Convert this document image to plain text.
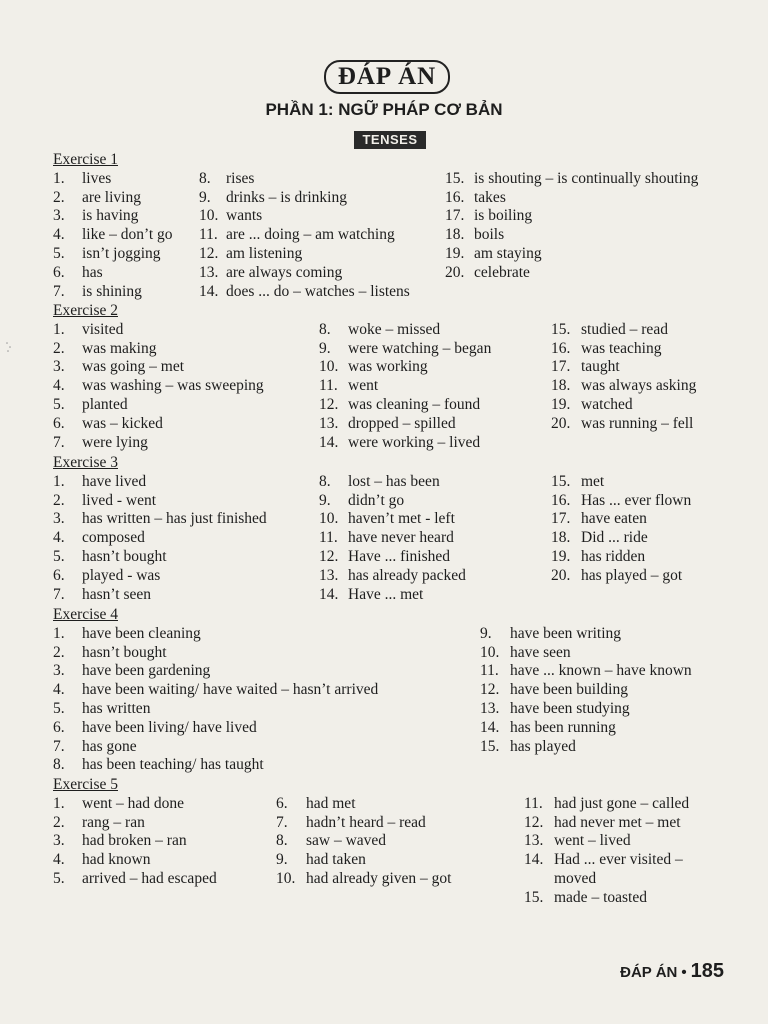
ĐÁP ÁN
PHẦN 1: NGỮ PHÁP CƠ BẢN
TENSES
Exercise 1
1. lives
2. are living
3. is having
4. like – don’t go
5. isn’t jogging
6. has
7. is shining
8. rises
9. drinks – is drinking
10. wants
11. are ... doing – am watching
12. am listening
13. are always coming
14. does ... do – watches – listens
15. is shouting – is continually shouting
16. takes
17. is boiling
18. boils
19. am staying
20. celebrate
Exercise 2
1. visited
2. was making
3. was going – met
4. was washing – was sweeping
5. planted
6. was – kicked
7. were lying
8. woke – missed
9. were watching – began
10. was working
11. went
12. was cleaning – found
13. dropped – spilled
14. were working – lived
15. studied – read
16. was teaching
17. taught
18. was always asking
19. watched
20. was running – fell
Exercise 3
1. have lived
2. lived - went
3. has written – has just finished
4. composed
5. hasn’t bought
6. played - was
7. hasn’t seen
8. lost – has been
9. didn’t go
10. haven’t met - left
11. have never heard
12. Have ... finished
13. has already packed
14. Have ... met
15. met
16. Has ... ever flown
17. have eaten
18. Did ... ride
19. has ridden
20. has played – got
Exercise 4
1. have been cleaning
2. hasn’t bought
3. have been gardening
4. have been waiting/ have waited – hasn’t arrived
5. has written
6. have been living/ have lived
7. has gone
8. has been teaching/ has taught
9. have been writing
10. have seen
11. have ... known – have known
12. have been building
13. have been studying
14. has been running
15. has played
Exercise 5
1. went – had done
2. rang – ran
3. had broken – ran
4. had known
5. arrived – had escaped
6. had met
7. hadn’t heard – read
8. saw – waved
9. had taken
10. had already given – got
11. had just gone – called
12. had never met – met
13. went – lived
14. Had ... ever visited –
moved
15. made – toasted
ĐÁP ÁN • 185
